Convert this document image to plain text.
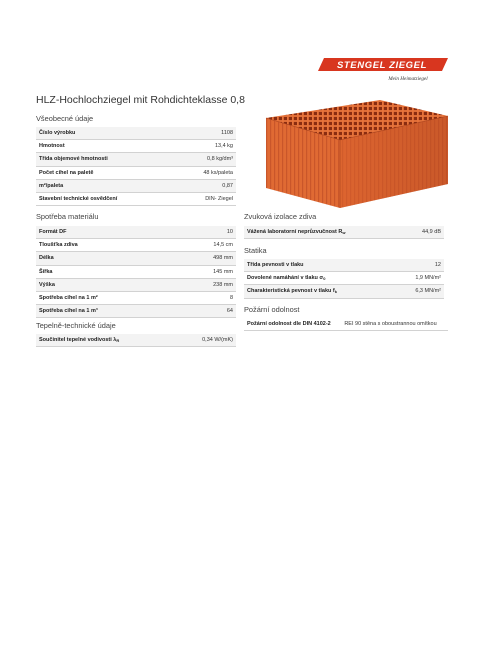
STENGEL ZIEGEL
Mein Heimatziegel
HLZ-Hochlochziegel mit Rohdichteklasse 0,8
Všeobecné údaje
Číslo výrobku	1108
Hmotnost	13,4 kg
Třída objemové hmotnosti	0,8 kg/dm³
Počet cihel na paletě	48 ks/paleta
m²/paleta	0,87
Stavební technické osvědčení	DIN- Ziegel
Spotřeba materiálu
Formát DF	10
Tloušťka zdiva	14,5 cm
Délka	498 mm
Šířka	145 mm
Výška	238 mm
Spotřeba cihel na 1 m²	8
Spotřeba cihel na 1 m³	64
Tepelně-technické údaje
Součinitel tepelné vodivosti $\lambda_R$	0,34 W/(mK)
Zvuková izolace zdiva
Vážená laboratorní neprůzvučnost $R_w$	44,9 dB
Statika
Třída pevnosti v tlaku	12
Dovolené namáhání v tlaku $\sigma_0$	1,9 MN/m²
Charakteristická pevnost v tlaku $f_k$	6,3 MN/m²
Požární odolnost
Požární odolnost dle DIN 4102-2	REI 90 stěna s oboustrannou omítkou
